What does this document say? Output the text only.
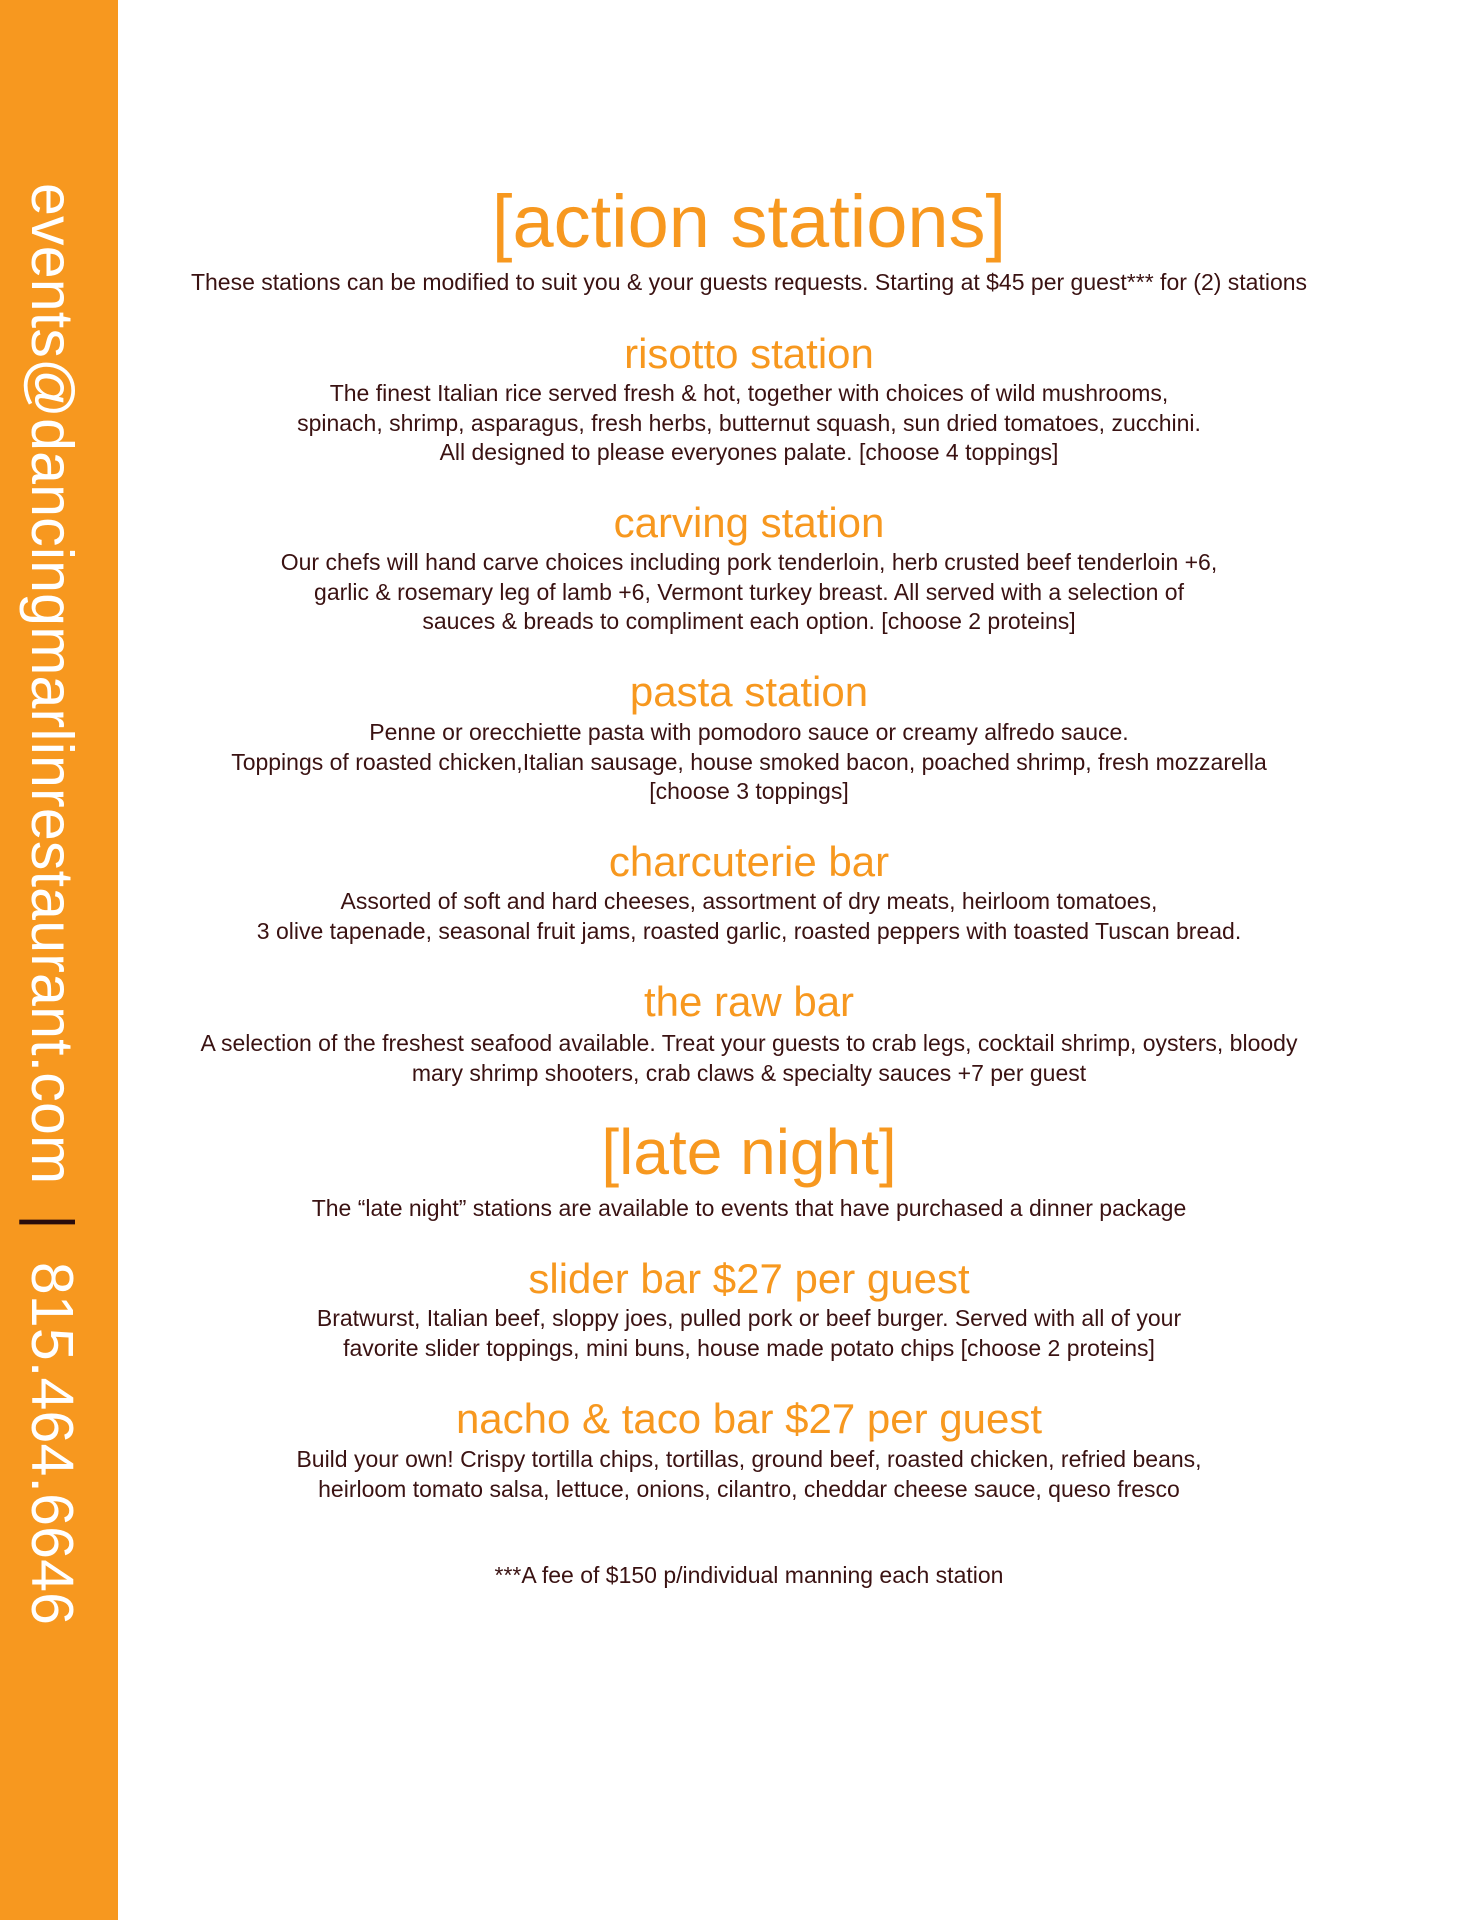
events@dancingmarlinrestaurant.com|815.464.6646
[action stations]

These stations can be modified to suit you & your guests requests. Starting at $45 per guest*** for (2) stations

risotto station

The finest Italian rice served fresh & hot, together with choices of wild mushrooms,

spinach, shrimp, asparagus, fresh herbs, butternut squash, sun dried tomatoes, zucchini.

All designed to please everyones palate. [choose 4 toppings]

carving station

Our chefs will hand carve choices including pork tenderloin, herb crusted beef tenderloin +6,

garlic & rosemary leg of lamb +6, Vermont turkey breast. All served with a selection of

sauces & breads to compliment each option. [choose 2 proteins]

pasta station

Penne or orecchiette pasta with pomodoro sauce or creamy alfredo sauce.

Toppings of roasted chicken,Italian sausage, house smoked bacon, poached shrimp, fresh mozzarella

[choose 3 toppings]

charcuterie bar

Assorted of soft and hard cheeses, assortment of dry meats, heirloom tomatoes,

3 olive tapenade, seasonal fruit jams, roasted garlic, roasted peppers with toasted Tuscan bread.

the raw bar

A selection of the freshest seafood available. Treat your guests to crab legs, cocktail shrimp, oysters, bloody

mary shrimp shooters, crab claws & specialty sauces +7 per guest

[late night]

The “late night” stations are available to events that have purchased a dinner package

slider bar $27 per guest

Bratwurst, Italian beef, sloppy joes, pulled pork or beef burger. Served with all of your

favorite slider toppings, mini buns, house made potato chips [choose 2 proteins]

nacho & taco bar $27 per guest

Build your own! Crispy tortilla chips, tortillas, ground beef, roasted chicken, refried beans,

heirloom tomato salsa, lettuce, onions, cilantro, cheddar cheese sauce, queso fresco

***A fee of $150 p/individual manning each station
